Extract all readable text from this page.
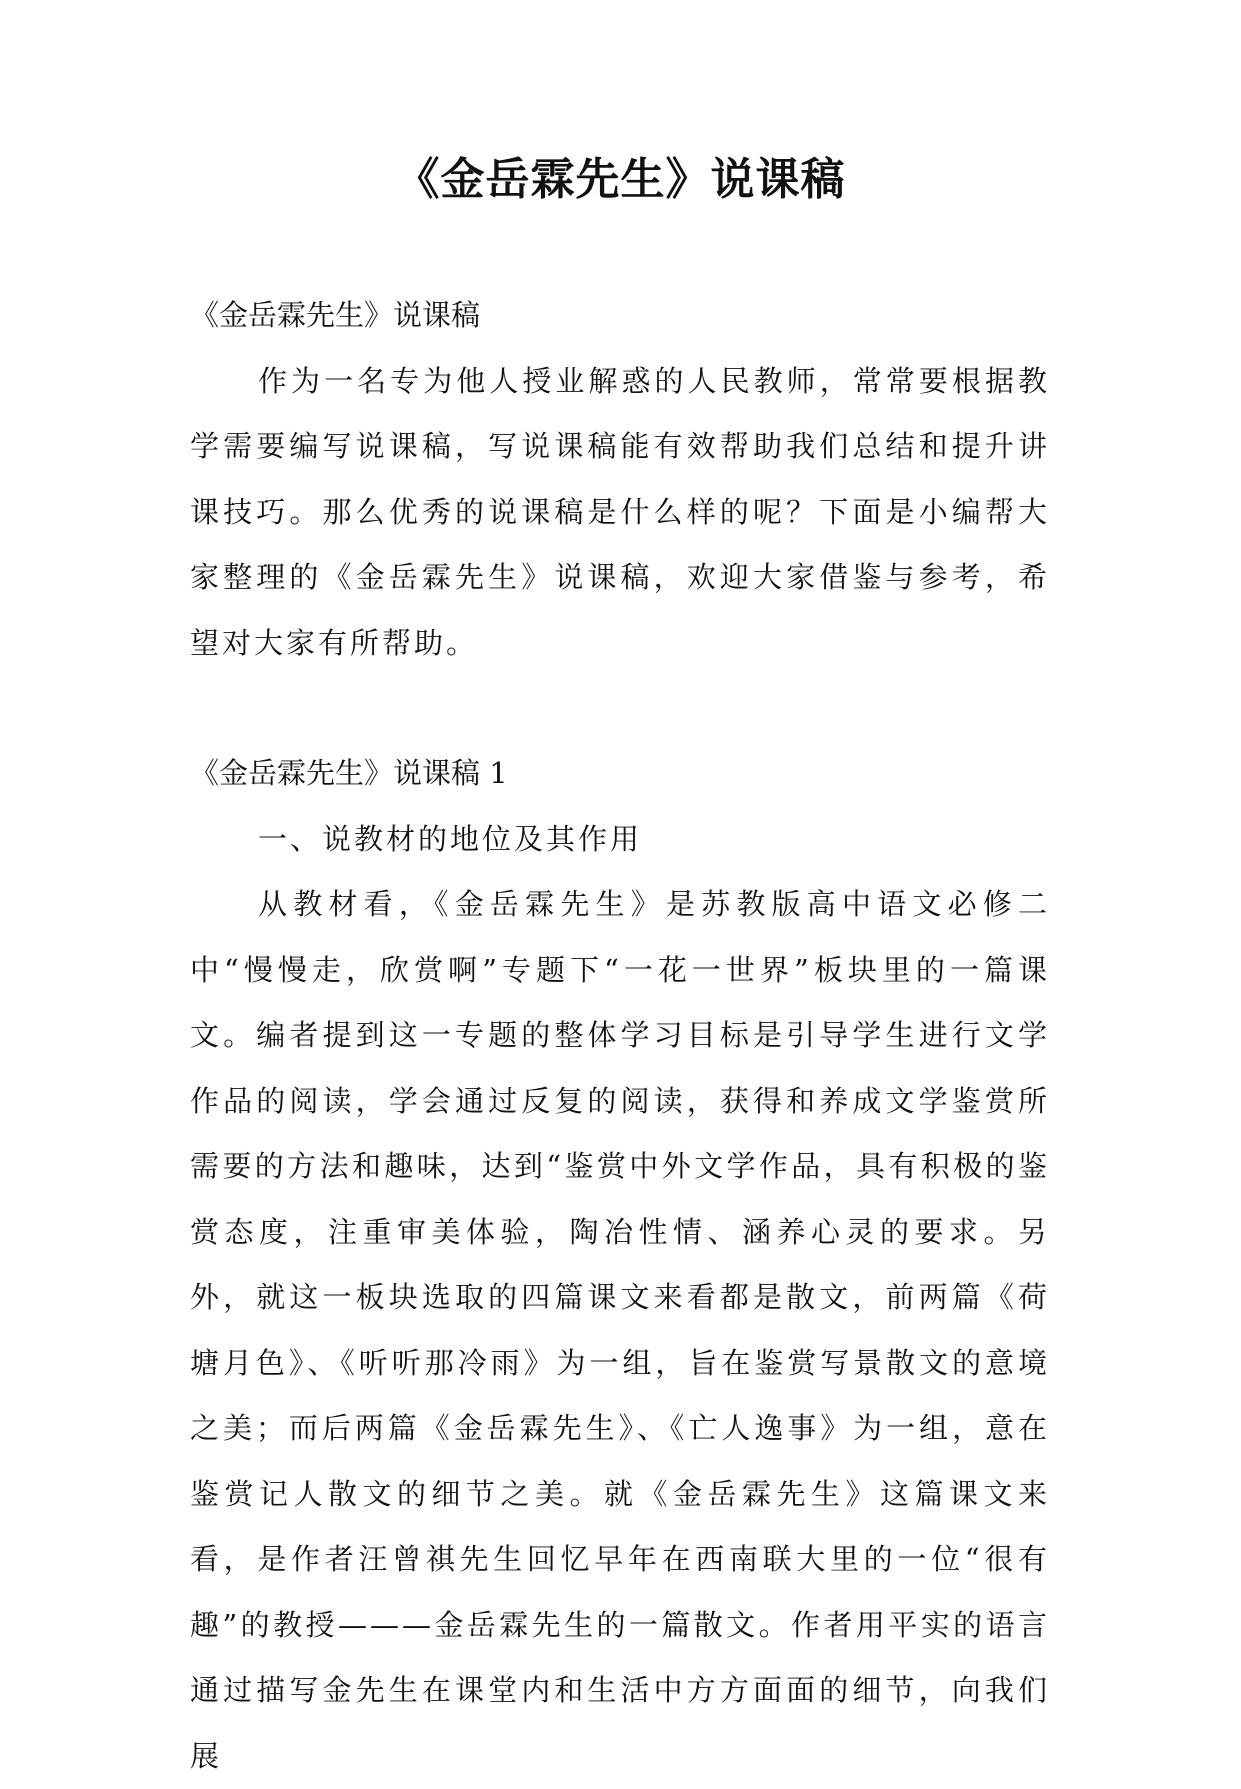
《金岳霖先生》说课稿

《金岳霖先生》说课稿

作为一名专为他人授业解惑的人民教师，常常要根据教学需要编写说课稿，写说课稿能有效帮助我们总结和提升讲课技巧。那么优秀的说课稿是什么样的呢？下面是小编帮大家整理的《金岳霖先生》说课稿，欢迎大家借鉴与参考，希望对大家有所帮助。

《金岳霖先生》说课稿 1

一、说教材的地位及其作用

从教材看，《金岳霖先生》是苏教版高中语文必修二中“慢慢走，欣赏啊”专题下“一花一世界”板块里的一篇课文。编者提到这一专题的整体学习目标是引导学生进行文学作品的阅读，学会通过反复的阅读，获得和养成文学鉴赏所需要的方法和趣味，达到“鉴赏中外文学作品，具有积极的鉴赏态度，注重审美体验，陶冶性情、涵养心灵的要求。另外，就这一板块选取的四篇课文来看都是散文，前两篇《荷塘月色》、《听听那冷雨》为一组，旨在鉴赏写景散文的意境之美；而后两篇《金岳霖先生》、《亡人逸事》为一组，意在鉴赏记人散文的细节之美。就《金岳霖先生》这篇课文来看，是作者汪曾祺先生回忆早年在西南联大里的一位“很有趣”的教授———金岳霖先生的一篇散文。作者用平实的语言通过描写金先生在课堂内和生活中方方面面的细节，向我们展
